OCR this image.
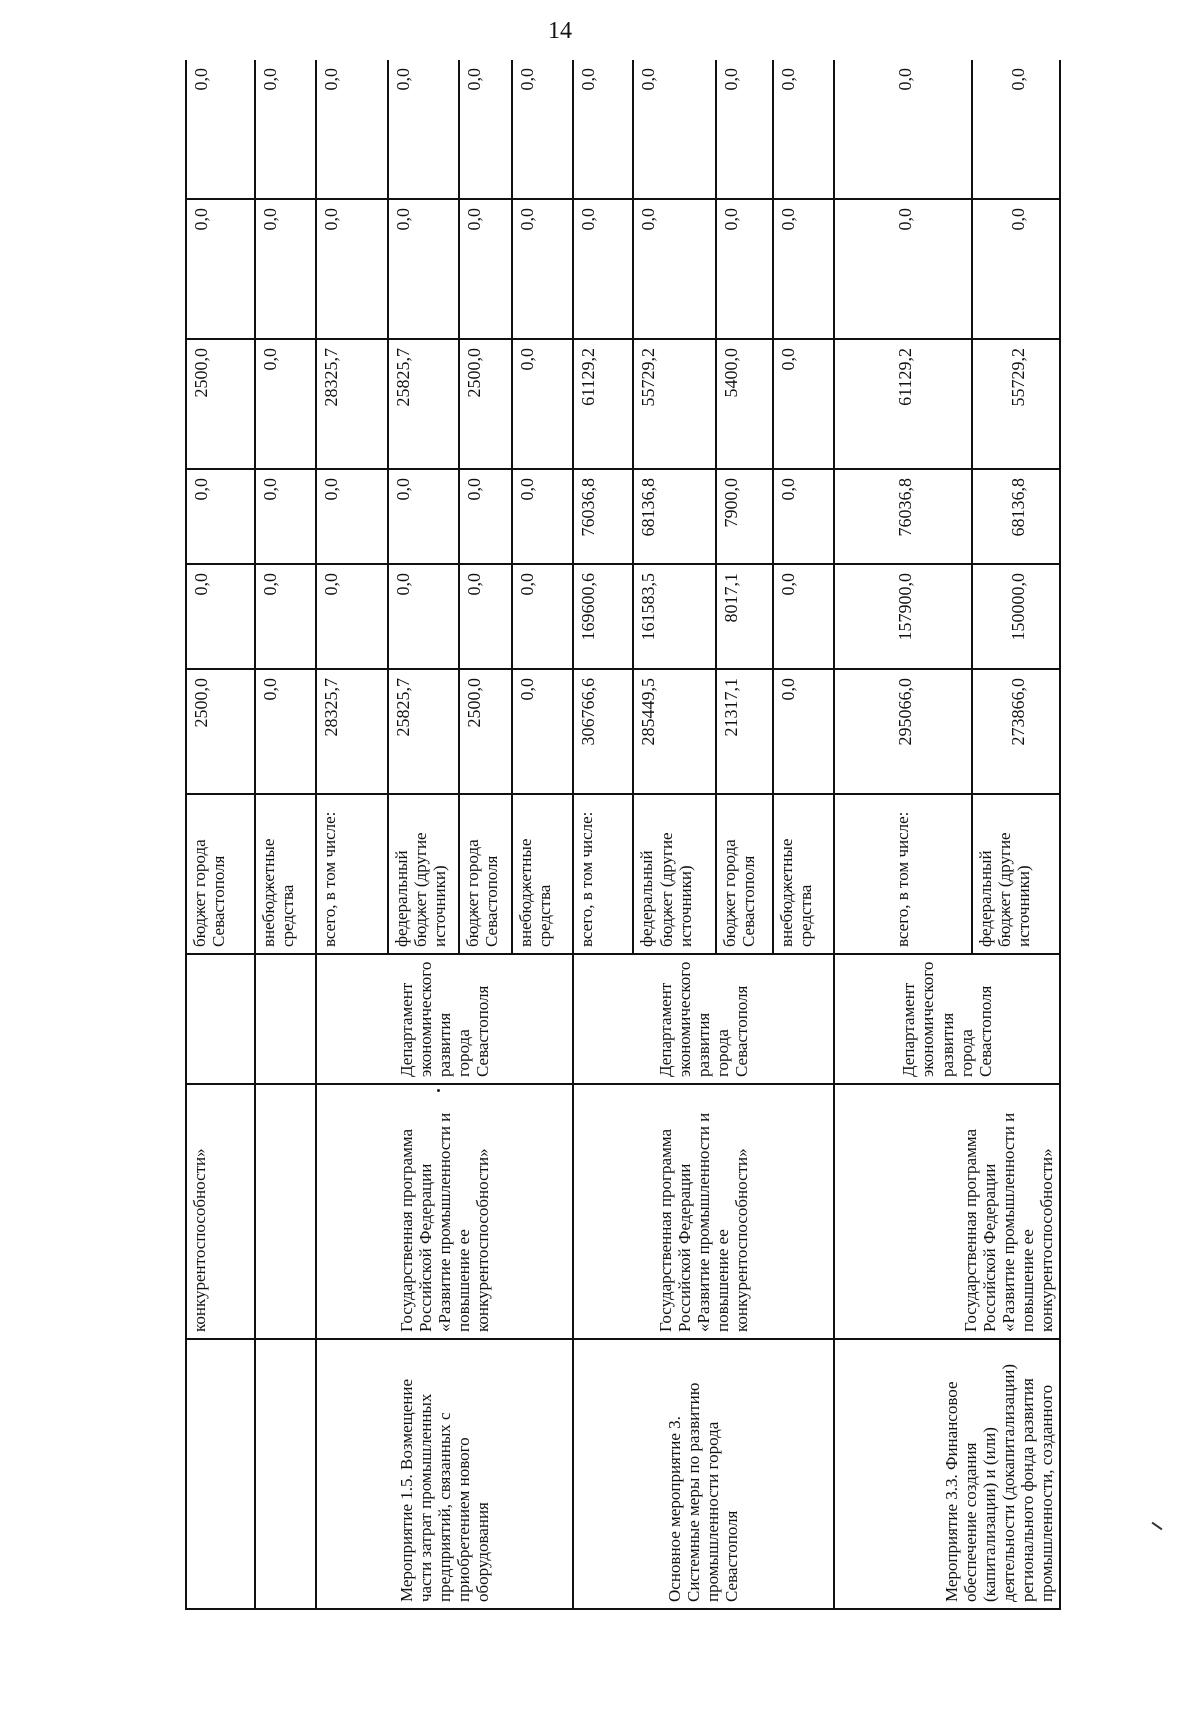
14
	конкурентоспособности»		бюджет города Севастополя	2500,0	0,0	0,0	2500,0	0,0	0,0
			внебюджетные средства	0,0	0,0	0,0	0,0	0,0	0,0
Мероприятие 1.5. Возмещение части затрат промышленных предприятий, связанных с приобретением нового оборудования	Государственная программа Российской Федерации «Развитие промышленности и повышение ее конкурентоспособности»	Департамент экономического развития города Севастополя	всего, в том числе:	28325,7	0,0	0,0	28325,7	0,0	0,0
			федеральный бюджет (другие источники)	25825,7	0,0	0,0	25825,7	0,0	0,0
			бюджет города Севастополя	2500,0	0,0	0,0	2500,0	0,0	0,0
			внебюджетные средства	0,0	0,0	0,0	0,0	0,0	0,0
Основное мероприятие 3. Системные меры по развитию промышленности города Севастополя	Государственная программа Российской Федерации «Развитие промышленности и повышение ее конкурентоспособности»	Департамент экономического развития города Севастополя	всего, в том числе:	306766,6	169600,6	76036,8	61129,2	0,0	0,0
			федеральный бюджет (другие источники)	285449,5	161583,5	68136,8	55729,2	0,0	0,0
			бюджет города Севастополя	21317,1	8017,1	7900,0	5400,0	0,0	0,0
			внебюджетные средства	0,0	0,0	0,0	0,0	0,0	0,0
Мероприятие 3.3. Финансовое обеспечение создания (капитализации) и (или) деятельности (докапитализации) регионального фонда развития промышленности, созданного	Государственная программа Российской Федерации «Развитие промышленности и повышение ее конкурентоспособности»	Департамент экономического развития города Севастополя	всего, в том числе:	295066,0	157900,0	76036,8	61129,2	0,0	0,0
			федеральный бюджет (другие источники)	273866,0	150000,0	68136,8	55729,2	0,0	0,0
